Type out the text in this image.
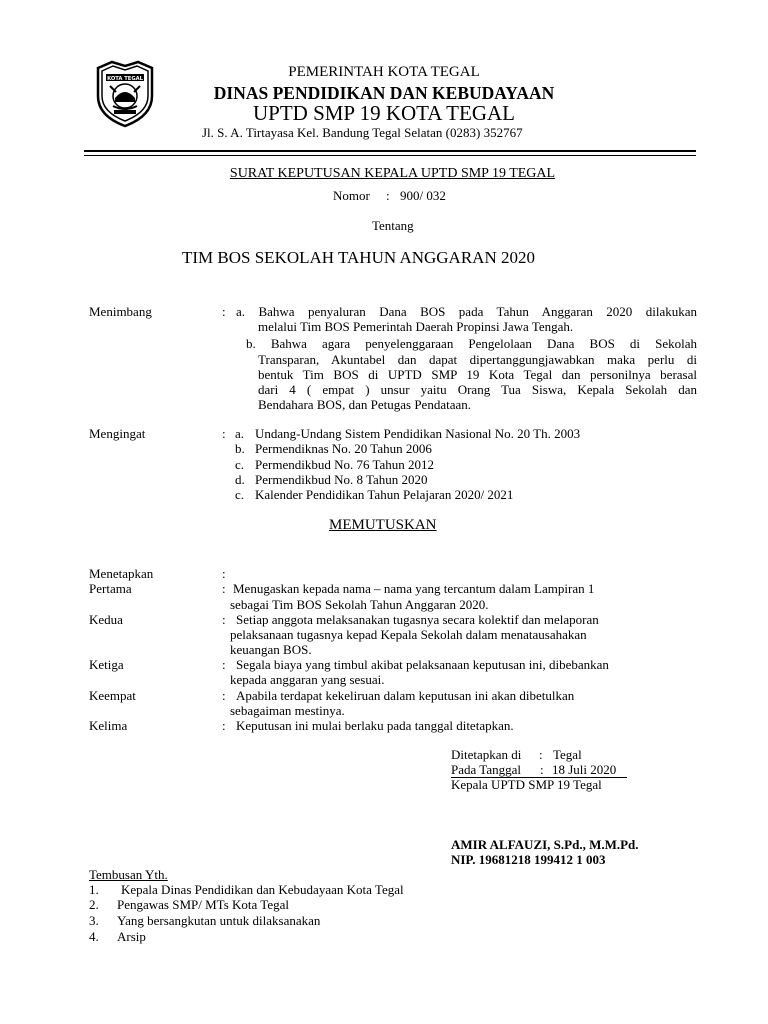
KOTA TEGAL	PEMERINTAH KOTA TEGAL
DINAS PENDIDIKAN DAN KEBUDAYAAN
UPTD SMP 19 KOTA TEGAL
Jl. S. A. Tirtayasa Kel. Bandung Tegal Selatan (0283) 352767
SURAT KEPUTUSAN KEPALA UPTD SMP 19 TEGAL
Nomor : 900/ 032
Tentang
TIM BOS SEKOLAH TAHUN ANGGARAN 2020
Menimbang	: a. Bahwa penyaluran Dana BOS pada Tahun Anggaran 2020 dilakukan
melalui Tim BOS Pemerintah Daerah Propinsi Jawa Tengah.
b. Bahwa agara penyelenggaraan Pengelolaan Dana BOS di Sekolah
Transparan, Akuntabel dan dapat dipertanggungjawabkan maka perlu di
bentuk Tim BOS di UPTD SMP 19 Kota Tegal dan personilnya berasal
dari 4 ( empat ) unsur yaitu Orang Tua Siswa, Kepala Sekolah dan
Bendahara BOS, dan Petugas Pendataan.
Mengingat	: a. Undang-Undang Sistem Pendidikan Nasional No. 20 Th. 2003
b. Permendiknas No. 20 Tahun 2006
c. Permendikbud No. 76 Tahun 2012
d. Permendikbud No. 8 Tahun 2020
c. Kalender Pendidikan Tahun Pelajaran 2020/ 2021
MEMUTUSKAN
Menetapkan	:
Pertama	: Menugaskan kepada nama – nama yang tercantum dalam Lampiran 1
sebagai Tim BOS Sekolah Tahun Anggaran 2020.
Kedua	: Setiap anggota melaksanakan tugasnya secara kolektif dan melaporan
pelaksanaan tugasnya kepad Kepala Sekolah dalam menatausahakan
keuangan BOS.
Ketiga	: Segala biaya yang timbul akibat pelaksanaan keputusan ini, dibebankan
kepada anggaran yang sesuai.
Keempat	: Apabila terdapat kekeliruan dalam keputusan ini akan dibetulkan
sebagaiman mestinya.
Kelima	: Keputusan ini mulai berlaku pada tanggal ditetapkan.
Ditetapkan di : Tegal
Pada Tanggal : 18 Juli 2020
Kepala UPTD SMP 19 Tegal
AMIR ALFAUZI, S.Pd., M.M.Pd.
NIP. 19681218 199412 1 003
Tembusan Yth.
1. Kepala Dinas Pendidikan dan Kebudayaan Kota Tegal
2. Pengawas SMP/ MTs Kota Tegal
3. Yang bersangkutan untuk dilaksanakan
4. Arsip
